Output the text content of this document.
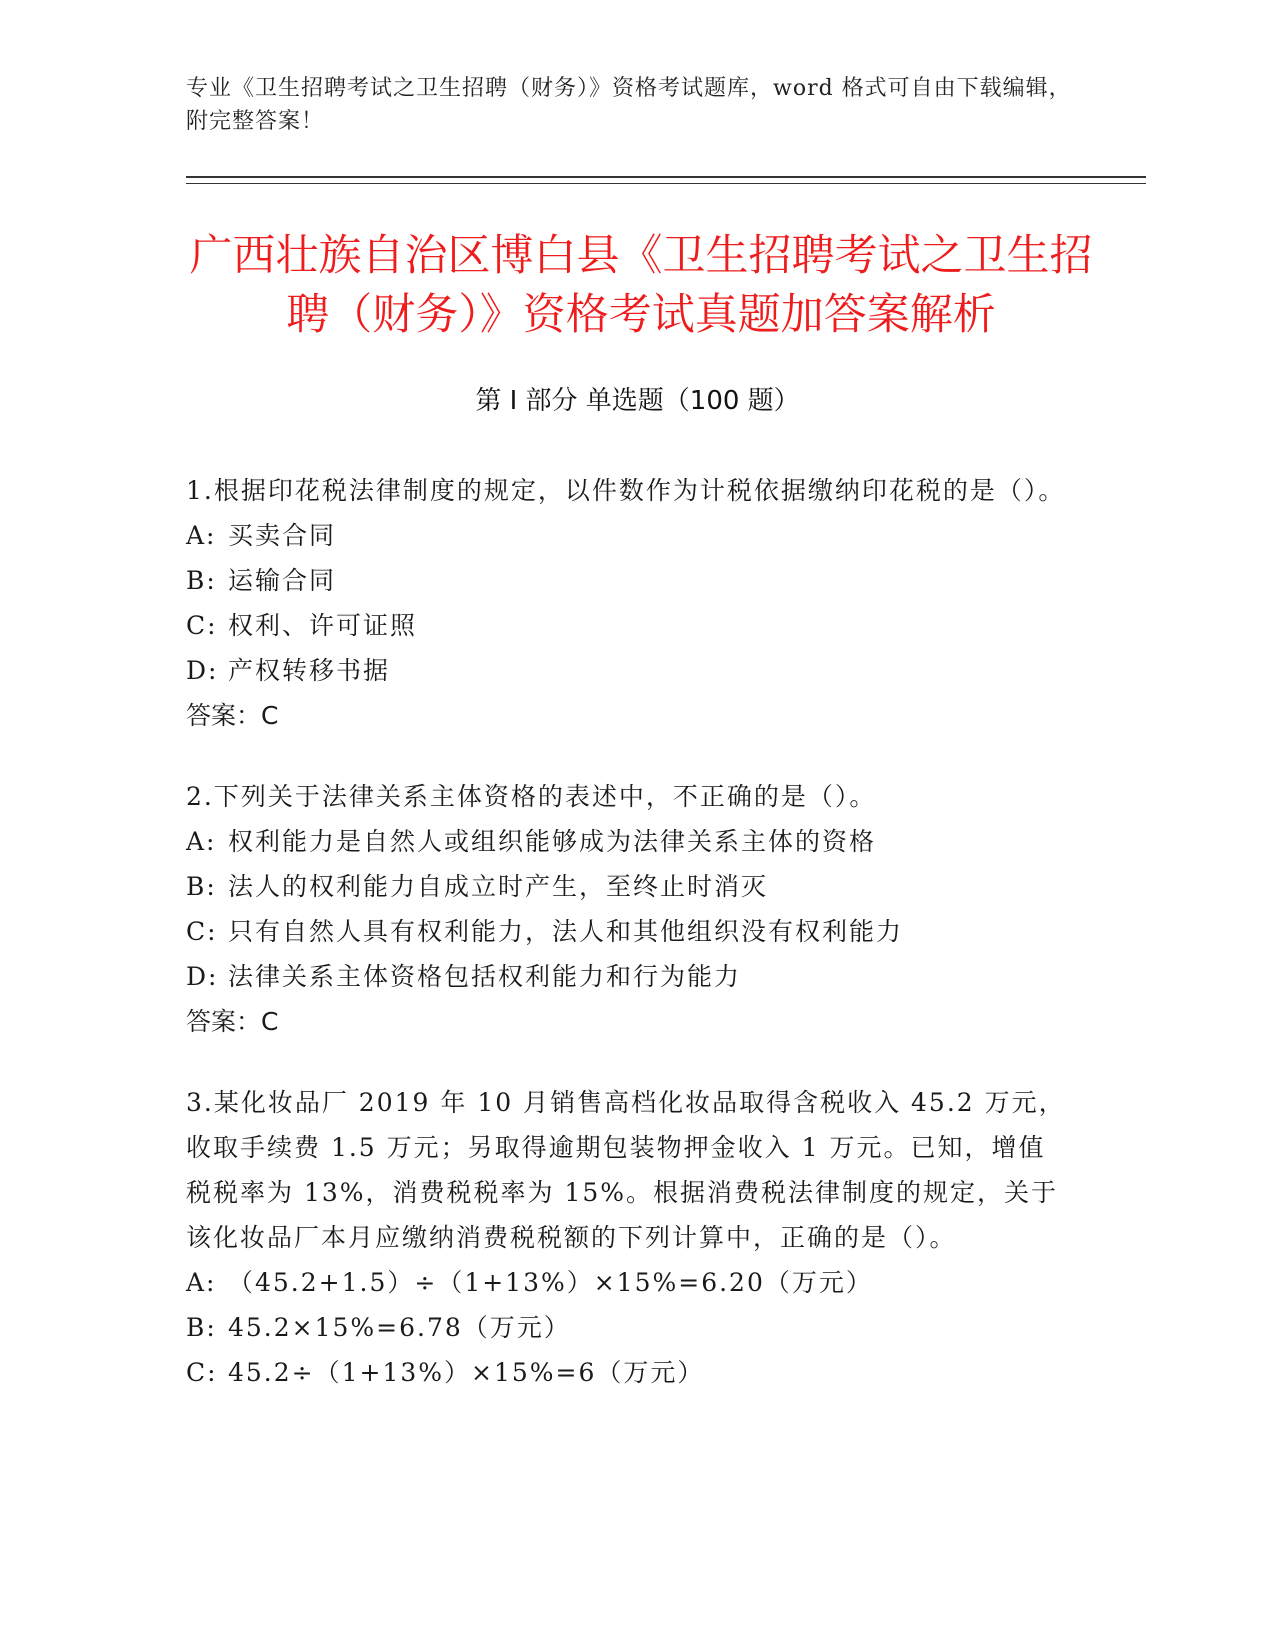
专业《卫生招聘考试之卫生招聘（财务）》资格考试题库，word 格式可自由下载编辑，附完整答案！
广西壮族自治区博白县《卫生招聘考试之卫生招聘（财务）》资格考试真题加答案解析
第 I 部分 单选题（100 题）

1.根据印花税法律制度的规定，以件数作为计税依据缴纳印花税的是（）。

A: 买卖合同
B: 运输合同
C: 权利、许可证照
D: 产权转移书据

答案：C

2.下列关于法律关系主体资格的表述中，不正确的是（）。

A: 权利能力是自然人或组织能够成为法律关系主体的资格
B: 法人的权利能力自成立时产生，至终止时消灭
C: 只有自然人具有权利能力，法人和其他组织没有权利能力
D: 法律关系主体资格包括权利能力和行为能力

答案：C

3.某化妆品厂 2019 年 10 月销售高档化妆品取得含税收入 45.2 万元，收取手续费 1.5 万元；另取得逾期包装物押金收入 1 万元。已知，增值税税率为 13%，消费税税率为 15%。根据消费税法律制度的规定，关于该化妆品厂本月应缴纳消费税税额的下列计算中，正确的是（）。

A: （45.2+1.5）÷（1+13%）×15%=6.20（万元）
B: 45.2×15%=6.78（万元）
C: 45.2÷（1+13%）×15%=6（万元）
